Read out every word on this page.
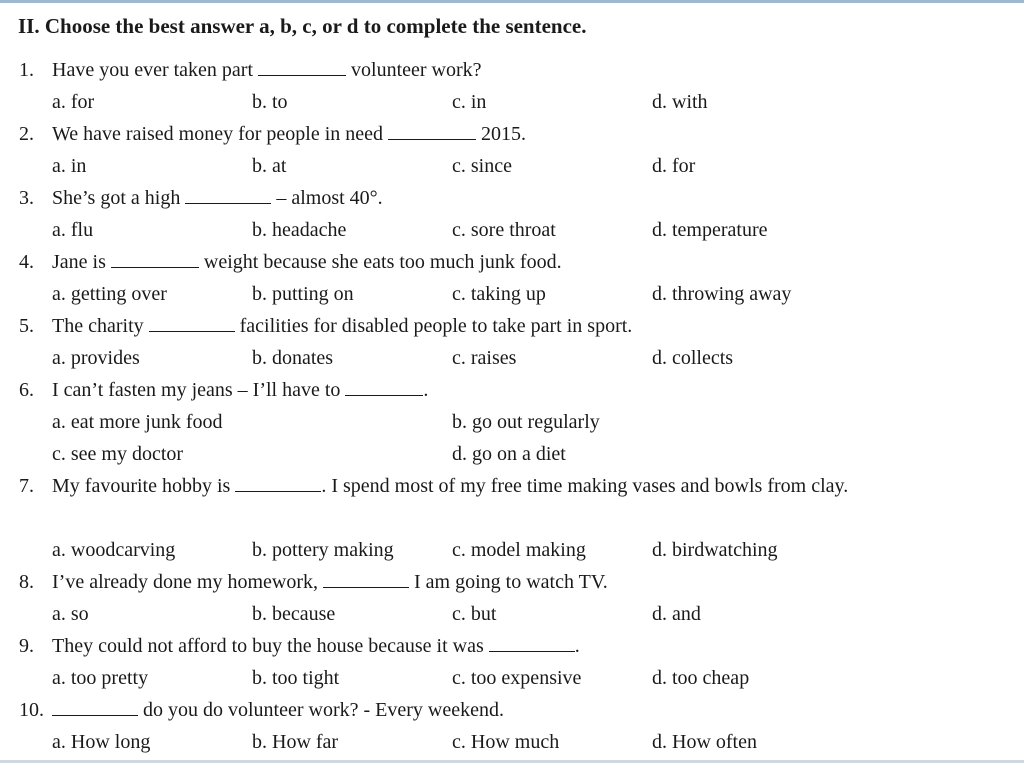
II. Choose the best answer a, b, c, or d to complete the sentence.
1. Have you ever taken part	volunteer work?
a. for	b. to	c. in	d. with
2. We have raised money for people in need	2015.
a. in	b. at	c. since	d. for
3. She’s got a high	– almost 40°.
a. flu	b. headache	c. sore throat	d. temperature
4. Jane is	weight because she eats too much junk food.
a. getting over	b. putting on	c. taking up	d. throwing away
5. The charity	facilities for disabled people to take part in sport.
a. provides	b. donates	c. raises	d. collects
6. I can’t fasten my jeans – I’ll have to	.
a. eat more junk food	b. go out regularly
c. see my doctor	d. go on a diet
7. My favourite hobby is	. I spend most of my free time making vases and bowls from clay.
a. woodcarving	b. pottery making	c. model making	d. birdwatching
8. I’ve already done my homework,	I am going to watch TV.
a. so	b. because	c. but	d. and
9. They could not afford to buy the house because it was	.
a. too pretty	b. too tight	c. too expensive	d. too cheap
10.	do you do volunteer work? - Every weekend.
a. How long	b. How far	c. How much	d. How often
